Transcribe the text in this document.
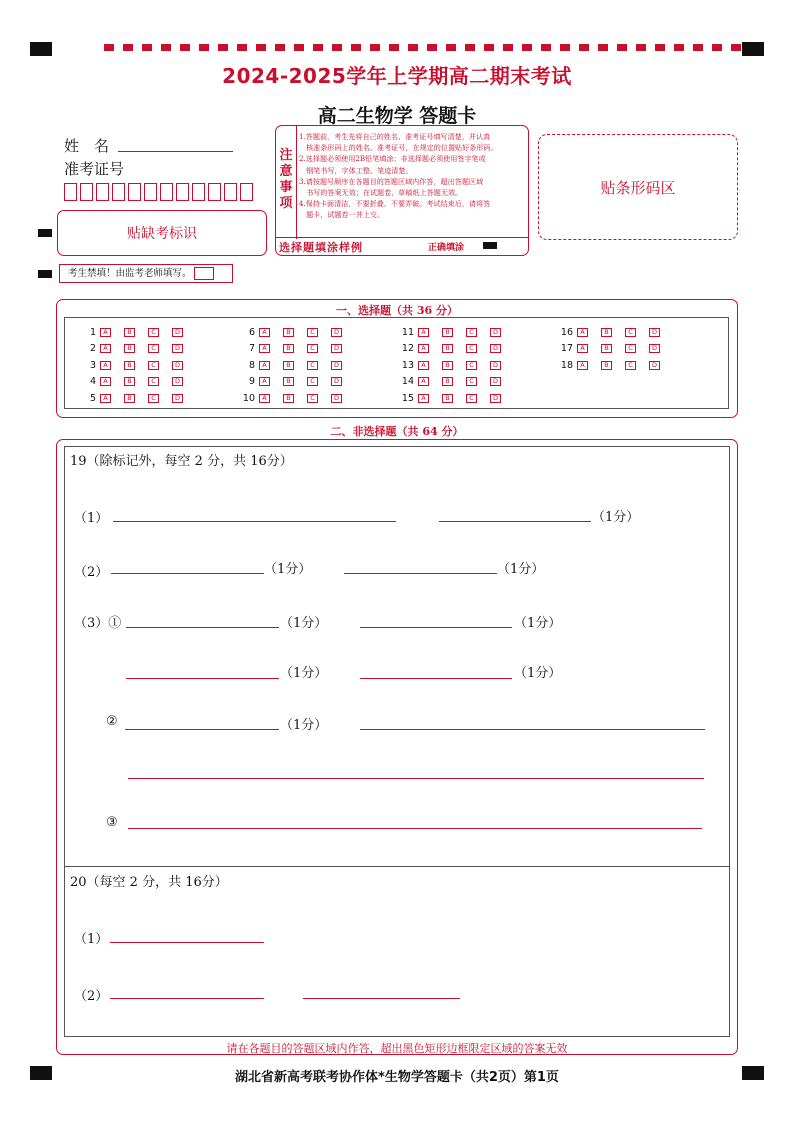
2024-2025学年上学期高二期末考试
高二生物学 答题卡
姓　名
准考证号
注
意
事
项
1.答题前，考生先将自己的姓名、准考证号填写清楚，并认真
　核准条形码上的姓名、准考证号，在规定的位置贴好条形码。
2.选择题必须使用2B铅笔填涂；非选择题必须使用签字笔或
　钢笔书写，字体工整、笔迹清楚。
3.请按题号顺序在各题目的答题区域内作答，超出答题区域
　书写的答案无效；在试题卷、草稿纸上答题无效。
4.保持卡面清洁，不要折叠、不要弄破。考试结束后，请将答
　题卡，试题卷一并上交。
选择题填涂样例	正确填涂
贴条形码区
贴缺考标识
考生禁填！由监考老师填写。
一、选择题（共 36 分）
1	A	B	C	D
2	A	B	C	D
3	A	B	C	D
4	A	B	C	D
5	A	B	C	D
6	A	B	C	D
7	A	B	C	D
8	A	B	C	D
9	A	B	C	D
10	A	B	C	D
11	A	B	C	D
12	A	B	C	D
13	A	B	C	D
14	A	B	C	D
15	A	B	C	D
16	A	B	C	D
17	A	B	C	D
18	A	B	C	D
二、非选择题（共 64 分）
19（除标记外，每空 2 分，共 16分）
（1）	（1分）
（2）	（1分）	（1分）
（3）①	（1分）	（1分）
（1分）	（1分）
②	（1分）
③
20（每空 2 分，共 16分）
（1）
（2）
请在各题目的答题区域内作答，超出黑色矩形边框限定区域的答案无效
湖北省新高考联考协作体*生物学答题卡（共2页）第1页
